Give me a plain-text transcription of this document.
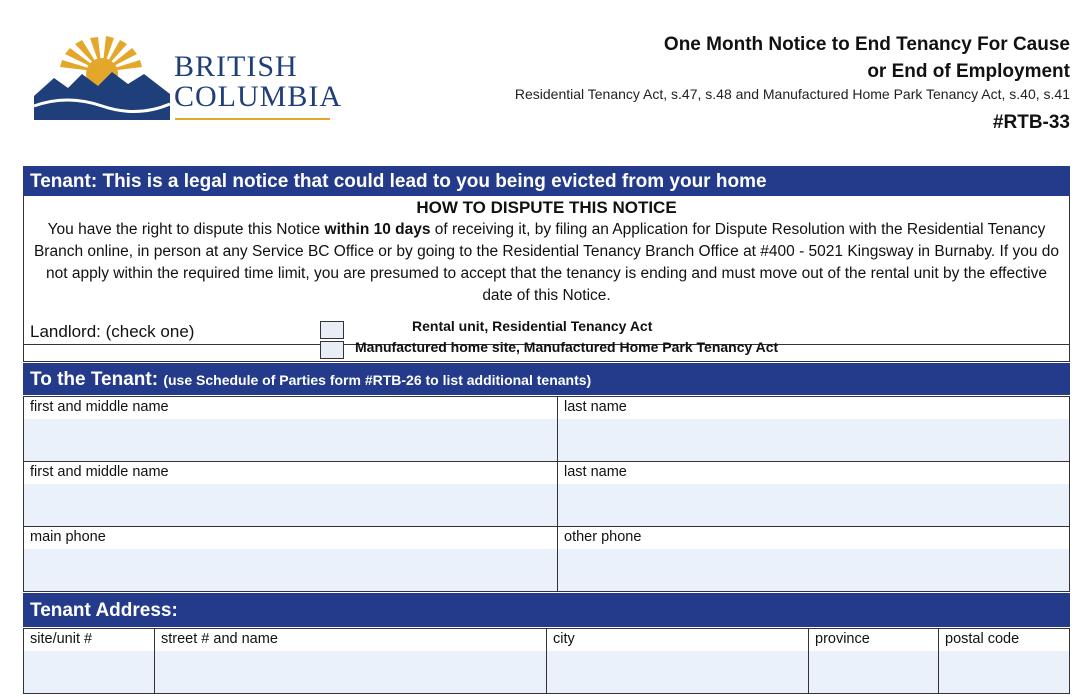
BRITISH
COLUMBIA
One Month Notice to End Tenancy For Cause
or End of Employment
Residential Tenancy Act, s.47, s.48 and Manufactured Home Park Tenancy Act, s.40, s.41
#RTB-33
Tenant: This is a legal notice that could lead to you being evicted from your home
HOW TO DISPUTE THIS NOTICE
You have the right to dispute this Notice within 10 days of receiving it, by filing an Application for Dispute Resolution with the Residential Tenancy Branch online, in person at any Service BC Office or by going to the Residential Tenancy Branch Office at #400 - 5021 Kingsway in Burnaby. If you do not apply within the required time limit, you are presumed to accept that the tenancy is ending and must move out of the rental unit by the effective date of this Notice.
Landlord: (check one)	Rental unit, Residential Tenancy Act
Manufactured home site, Manufactured Home Park Tenancy Act
To the Tenant: (use Schedule of Parties form #RTB-26 to list additional tenants)
first and middle name	last name
first and middle name	last name
main phone	other phone
Tenant Address:
site/unit #	street # and name	city	province	postal code
